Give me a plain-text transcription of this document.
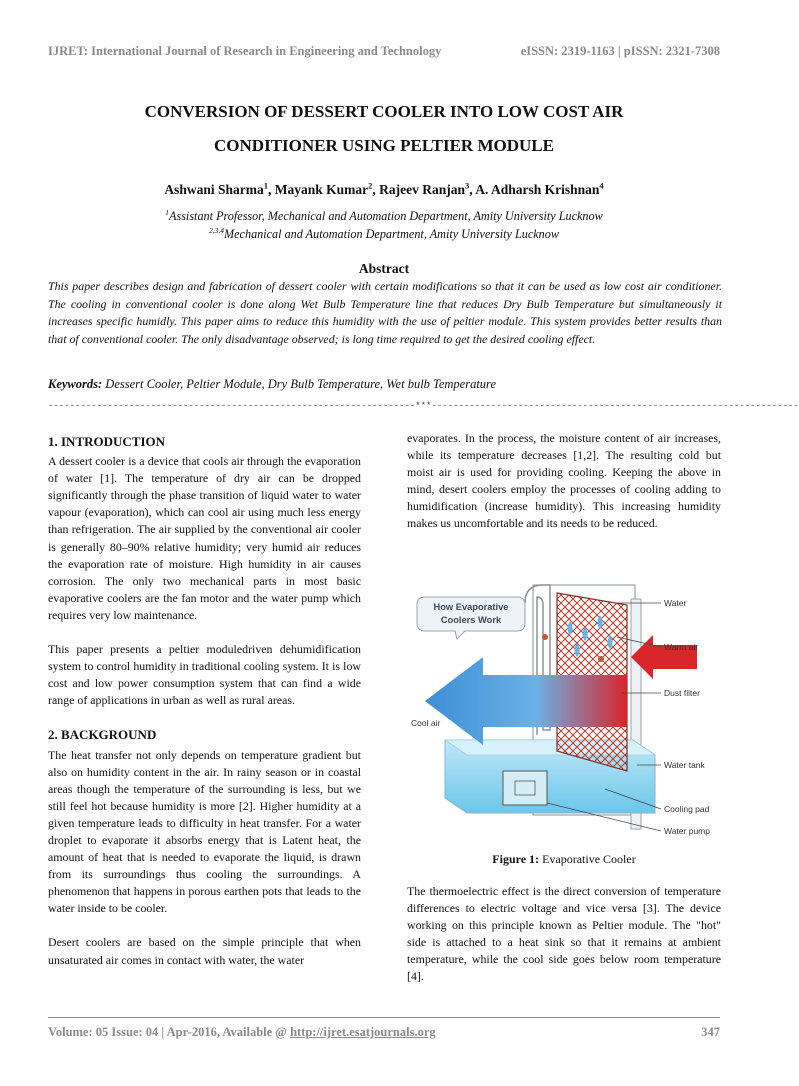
IJRET: International Journal of Research in Engineering and Technology	eISSN: 2319-1163 | pISSN: 2321-7308
CONVERSION OF DESSERT COOLER INTO LOW COST AIR
CONDITIONER USING PELTIER MODULE
Ashwani Sharma$^1$, Mayank Kumar$^2$, Rajeev Ranjan$^3$, A. Adharsh Krishnan$^4$
$^1$Assistant Professor, Mechanical and Automation Department, Amity University Lucknow
$^{2,3,4}$Mechanical and Automation Department, Amity University Lucknow
Abstract
This paper describes design and fabrication of dessert cooler with certain modifications so that it can be used as low cost air conditioner. The cooling in conventional cooler is done along Wet Bulb Temperature line that reduces Dry Bulb Temperature but simultaneously it increases specific humidly. This paper aims to reduce this humidity with the use of peltier module. This system provides better results than that of conventional cooler. The only disadvantage observed; is long time required to get the desired cooling effect.
Keywords: Dessert Cooler, Peltier Module, Dry Bulb Temperature, Wet bulb Temperature
--------------------------------------------------------------------***--------------------------------------------------------------------
1. INTRODUCTION

A dessert cooler is a device that cools air through the evaporation of water [1]. The temperature of dry air can be dropped significantly through the phase transition of liquid water to water vapour (evaporation), which can cool air using much less energy than refrigeration. The air supplied by the conventional air cooler is generally 80–90% relative humidity; very humid air reduces the evaporation rate of moisture. High humidity in air causes corrosion. The only two mechanical parts in most basic evaporative coolers are the fan motor and the water pump which requires very low maintenance.

This paper presents a peltier moduledriven dehumidification system to control humidity in traditional cooling system. It is low cost and low power consumption system that can find a wide range of applications in urban as well as rural areas.

2. BACKGROUND

The heat transfer not only depends on temperature gradient but also on humidity content in the air. In rainy season or in coastal areas though the temperature of the surrounding is less, but we still feel hot because humidity is more [2]. Higher humidity at a given temperature leads to difficulty in heat transfer. For a water droplet to evaporate it absorbs energy that is Latent heat, the amount of heat that is needed to evaporate the liquid, is drawn from its surroundings thus cooling the surroundings. A phenomenon that happens in porous earthen pots that leads to the water inside to be cooler.

Desert coolers are based on the simple principle that when unsaturated air comes in contact with water, the water

evaporates. In the process, the moisture content of air increases, while its temperature decreases [1,2]. The resulting cold but moist air is used for providing cooling. Keeping the above in mind, desert coolers employ the processes of cooling adding to humidification (increase humidity). This increasing humidity makes us uncomfortable and its needs to be reduced.

How Evaporative
Coolers Work
Water
Warm air
Dust filter
Cool air
Water tank
Cooling pad
Water pump
Figure 1: Evaporative Cooler
The thermoelectric effect is the direct conversion of temperature differences to electric voltage and vice versa [3]. The device working on this principle known as Peltier module. The "hot" side is attached to a heat sink so that it remains at ambient temperature, while the cool side goes below room temperature [4].
Volume: 05 Issue: 04 | Apr-2016, Available @ http://ijret.esatjournals.org	347
